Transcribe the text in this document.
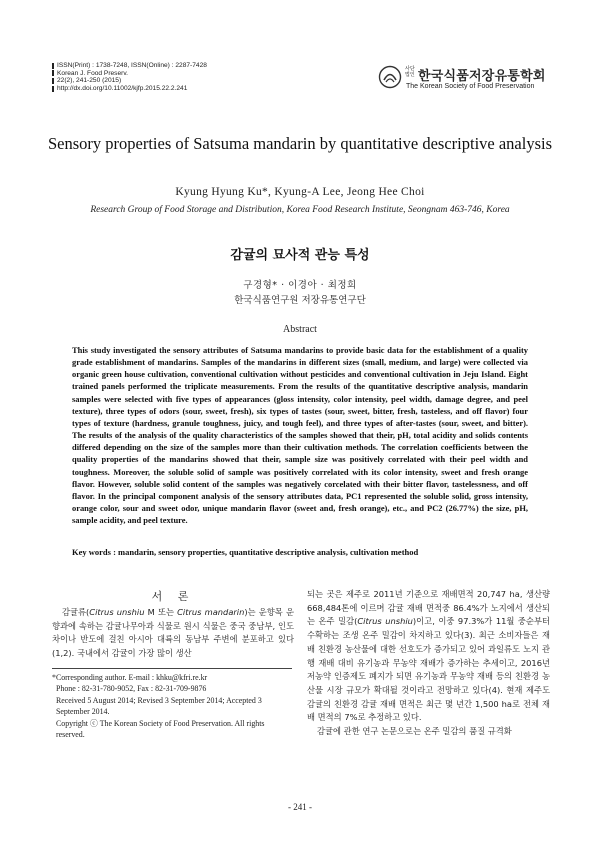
ISSN(Print) : 1738-7248, ISSN(Online) : 2287-7428
Korean J. Food Preserv.
22(2), 241-250 (2015)
http://dx.doi.org/10.11002/kjfp.2015.22.2.241
사단
법인 한국식품저장유통학회
The Korean Society of Food Preservation
Sensory properties of Satsuma mandarin by quantitative descriptive analysis
Kyung Hyung Ku*, Kyung-A Lee, Jeong Hee Choi
Research Group of Food Storage and Distribution, Korea Food Research Institute, Seongnam 463-746, Korea
감귤의 묘사적 관능 특성
구경형* · 이경아 · 최정희
한국식품연구원 저장유통연구단
Abstract
This study investigated the sensory attributes of Satsuma mandarins to provide basic data for the establishment of a quality grade establishment of mandarins. Samples of the mandarins in different sizes (small, medium, and large) were collected via organic green house cultivation, conventional cultivation without pesticides and conventional cultivation in Jeju Island. Eight trained panels performed the triplicate measurements. From the results of the quantitative descriptive analysis, mandarin samples were selected with five types of appearances (gloss intensity, color intensity, peel width, damage degree, and peel texture), three types of odors (sour, sweet, fresh), six types of tastes (sour, sweet, bitter, fresh, tasteless, and off flavor) four types of texture (hardness, granule toughness, juicy, and tough feel), and three types of after-tastes (sour, sweet, and bitter). The results of the analysis of the quality characteristics of the samples showed that their, pH, total acidity and solids contents differed depending on the size of the samples more than their cultivation methods. The correlation coefficients between the quality properties of the mandarins showed that their, sample size was positively correlated with their peel width and toughness. Moreover, the soluble solid of sample was positively correlated with its color intensity, sweet and fresh orange flavor. However, soluble solid content of the samples was negatively corcelated with their bitter flavor, tastelessness, and off flavor. In the principal component analysis of the sensory attributes data, PC1 represented the soluble solid, gross intensity, orange color, sour and sweet odor, unique mandarin flavor (sweet and, fresh orange), etc., and PC2 (26.77%) the size, pH, sample acidity, and peel texture.
Key words : mandarin, sensory properties, quantitative descriptive analysis, cultivation method
서 론

감귤류(Citrus unshiu M 또는 Citrus mandarin)는 운향목 운향과에 속하는 감귤나무아과 식물로 원시 식물은 중국 중남부, 인도차이나 반도에 걸친 아시아 대륙의 동남부 주변에 분포하고 있다(1,2). 국내에서 감귤이 가장 많이 생산

*Corresponding author. E-mail : khku@kfri.re.kr
Phone : 82-31-780-9052, Fax : 82-31-709-9876
Received 5 August 2014; Revised 3 September 2014; Accepted 3 September 2014.
Copyright ⓒ The Korean Society of Food Preservation. All rights reserved.

되는 곳은 제주로 2011년 기준으로 재배면적 20,747 ha, 생산량 668,484톤에 이르며 감귤 재배 면적중 86.4%가 노지에서 생산되는 온주 밀감(Citrus unshiu)이고, 이중 97.3%가 11월 중순부터 수확하는 조생 온주 밀감이 차지하고 있다(3). 최근 소비자들은 재배 친환경 농산물에 대한 선호도가 증가되고 있어 과일류도 노지 관행 재배 대비 유기농과 무농약 재배가 증가하는 추세이고, 2016년 저농약 인증제도 폐지가 되면 유기농과 무농약 재배 등의 친환경 농산물 시장 규모가 확대될 것이라고 전망하고 있다(4). 현재 제주도 감귤의 친환경 감귤 재배 면적은 최근 몇 년간 1,500 ha로 전체 재배 면적의 7%로 추정하고 있다.

감귤에 관한 연구 논문으로는 온주 밀감의 품질 규격화

- 241 -
